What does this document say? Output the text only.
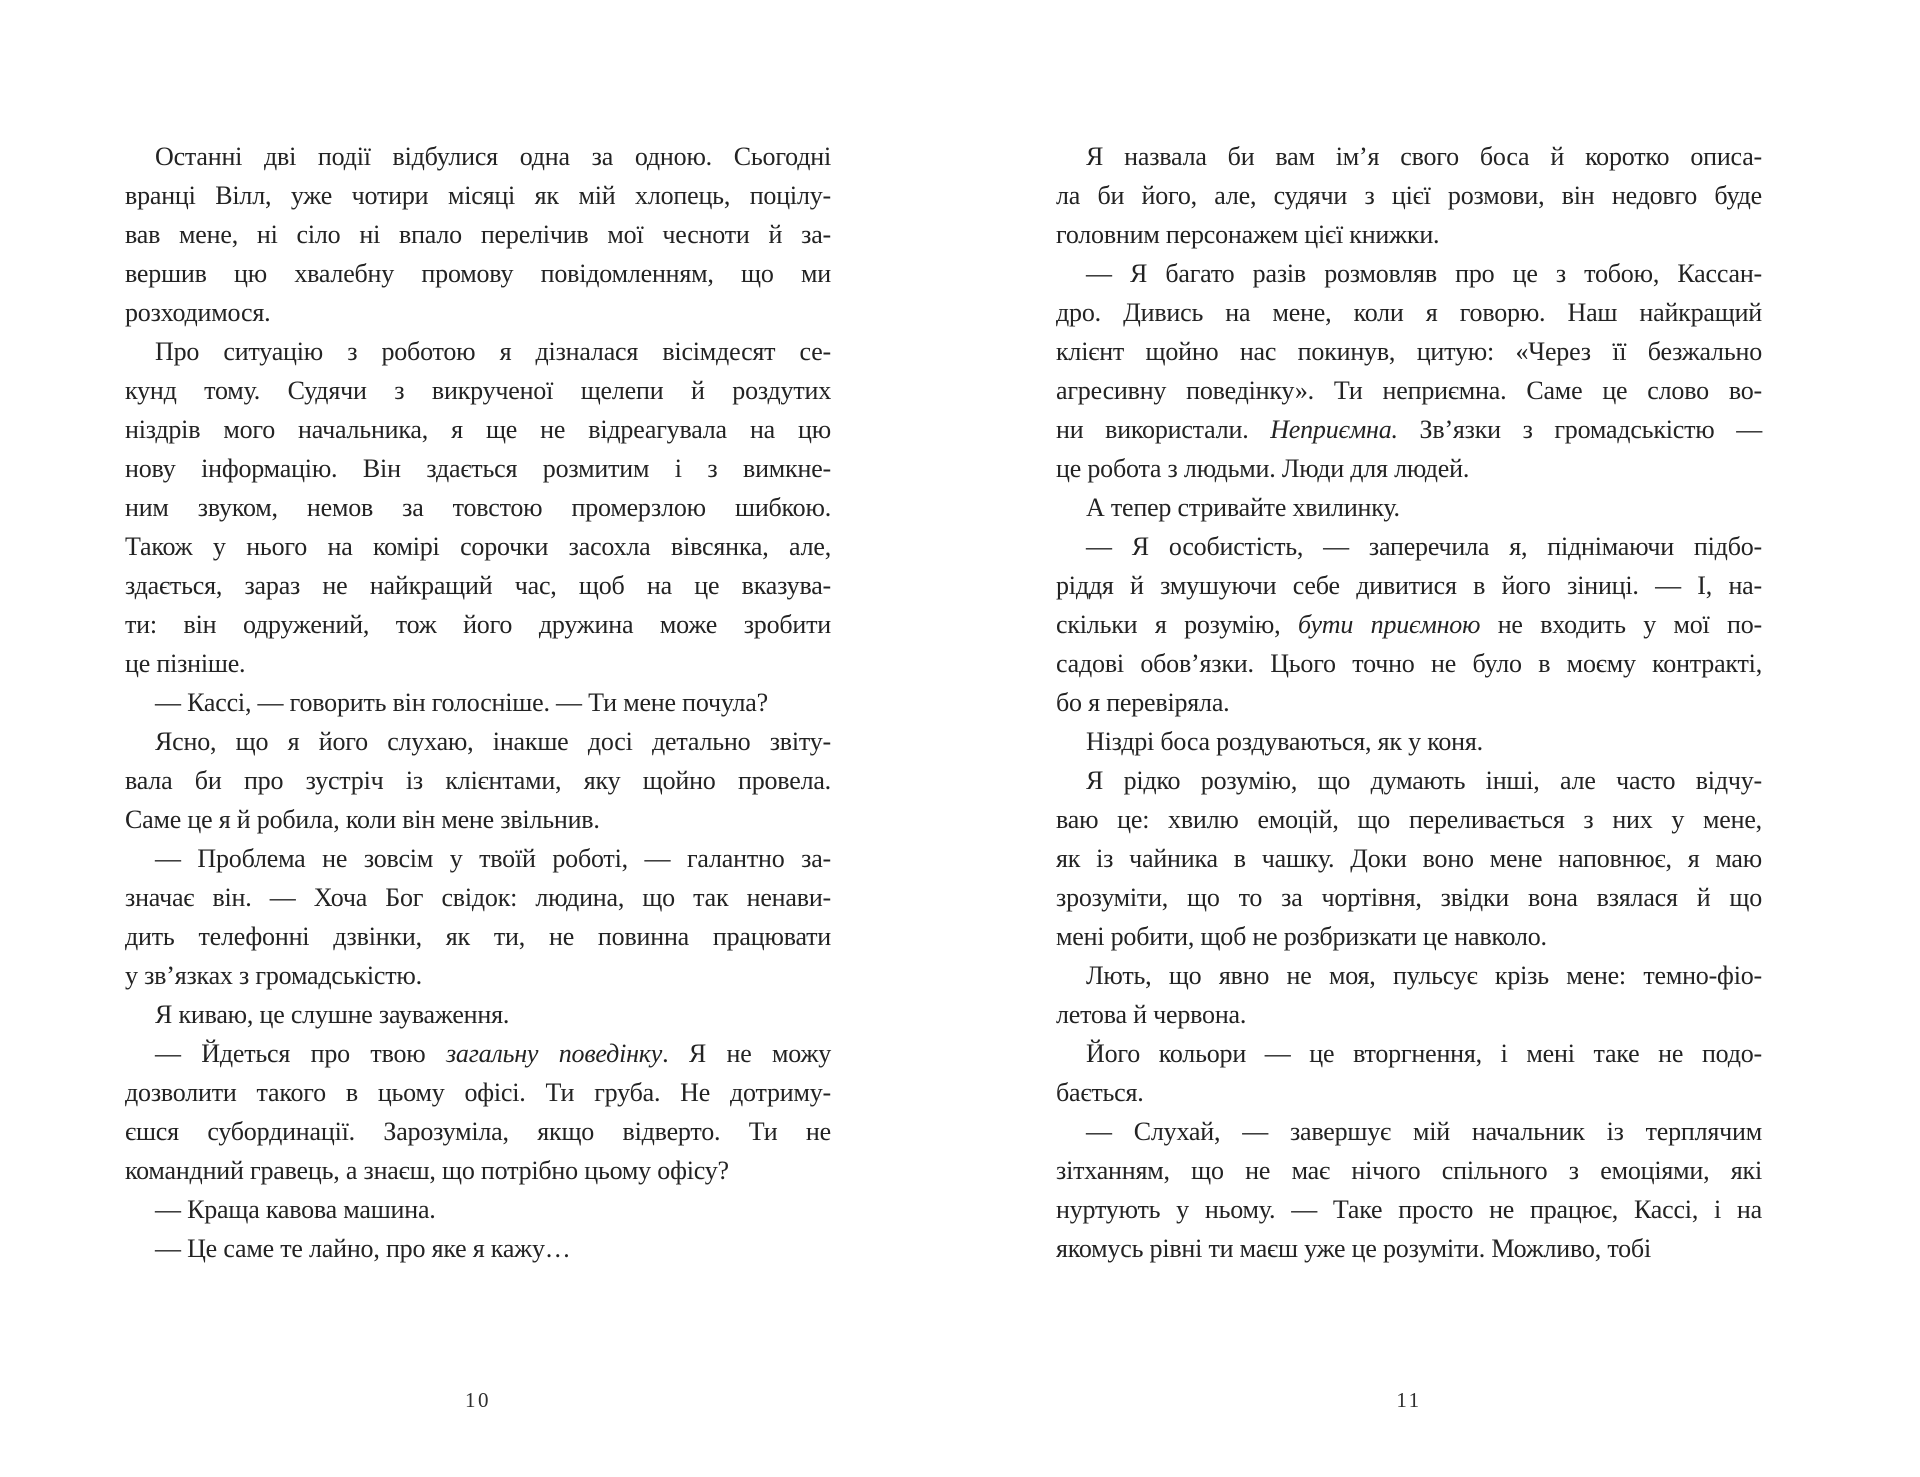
Останні дві події відбулися одна за одною. Сьогодні
вранці Вілл, уже чотири місяці як мій хлопець, поцілу-
вав мене, ні сіло ні впало перелічив мої чесноти й за-
вершив цю хвалебну промову повідомленням, що ми
розходимося.
Про ситуацію з роботою я дізналася вісімдесят се-
кунд тому. Судячи з викрученої щелепи й роздутих
ніздрів мого начальника, я ще не відреагувала на цю
нову інформацію. Він здається розмитим і з вимкне-
ним звуком, немов за товстою промерзлою шибкою.
Також у нього на комірі сорочки засохла вівсянка, але,
здається, зараз не найкращий час, щоб на це вказува-
ти: він одружений, тож його дружина може зробити
це пізніше.
— Кассі, — говорить він голосніше. — Ти мене почула?
Ясно, що я його слухаю, інакше досі детально звіту-
вала би про зустріч із клієнтами, яку щойно провела.
Саме це я й робила, коли він мене звільнив.
— Проблема не зовсім у твоїй роботі, — галантно за-
значає він. — Хоча Бог свідок: людина, що так ненави-
дить телефонні дзвінки, як ти, не повинна працювати
у зв’язках з громадськістю.
Я киваю, це слушне зауваження.
— Йдеться про твою загальну поведінку. Я не можу
дозволити такого в цьому офісі. Ти груба. Не дотриму-
єшся субординації. Зарозуміла, якщо відверто. Ти не
командний гравець, а знаєш, що потрібно цьому офісу?
— Краща кавова машина.
— Це саме те лайно, про яке я кажу…
Я назвала би вам ім’я свого боса й коротко описа-
ла би його, але, судячи з цієї розмови, він недовго буде
головним персонажем цієї книжки.
— Я багато разів розмовляв про це з тобою, Кассан-
дро. Дивись на мене, коли я говорю. Наш найкращий
клієнт щойно нас покинув, цитую: «Через її безжально
агресивну поведінку». Ти неприємна. Саме це слово во-
ни використали. Неприємна. Зв’язки з громадськістю —
це робота з людьми. Люди для людей.
А тепер стривайте хвилинку.
— Я особистість, — заперечила я, піднімаючи підбо-
ріддя й змушуючи себе дивитися в його зіниці. — І, на-
скільки я розумію, бути приємною не входить у мої по-
садові обов’язки. Цього точно не було в моєму контракті,
бо я перевіряла.
Ніздрі боса роздуваються, як у коня.
Я рідко розумію, що думають інші, але часто відчу-
ваю це: хвилю емоцій, що переливається з них у мене,
як із чайника в чашку. Доки воно мене наповнює, я маю
зрозуміти, що то за чортівня, звідки вона взялася й що
мені робити, щоб не розбризкати це навколо.
Лють, що явно не моя, пульсує крізь мене: темно-фіо-
летова й червона.
Його кольори — це вторгнення, і мені таке не подо-
бається.
— Слухай, — завершує мій начальник із терплячим
зітханням, що не має нічого спільного з емоціями, які
нуртують у ньому. — Таке просто не працює, Кассі, і на
якомусь рівні ти маєш уже це розуміти. Можливо, тобі
10	11
